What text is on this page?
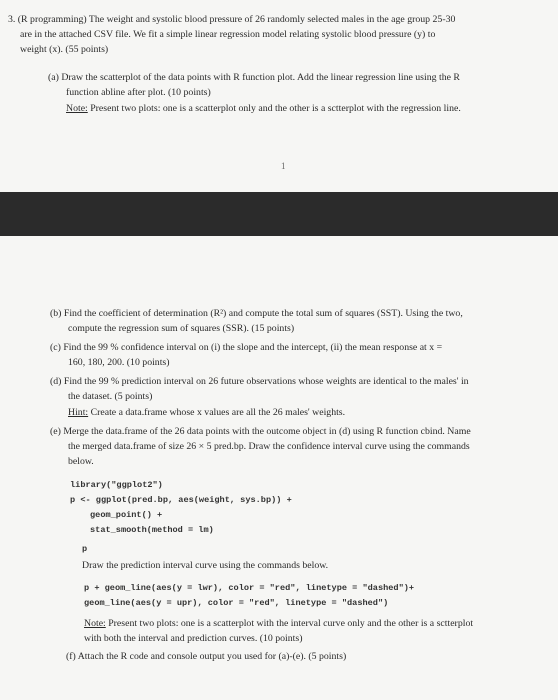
3. (R programming) The weight and systolic blood pressure of 26 randomly selected males in the age group 25-30
are in the attached CSV file. We fit a simple linear regression model relating systolic blood pressure (y) to
weight (x). (55 points)
(a) Draw the scatterplot of the data points with R function plot. Add the linear regression line using the R
function abline after plot. (10 points)
Note: Present two plots: one is a scatterplot only and the other is a sctterplot with the regression line.
1
(b) Find the coefficient of determination (R²) and compute the total sum of squares (SST). Using the two,
compute the regression sum of squares (SSR). (15 points)
(c) Find the 99 % confidence interval on (i) the slope and the intercept, (ii) the mean response at x =
160, 180, 200. (10 points)
(d) Find the 99 % prediction interval on 26 future observations whose weights are identical to the males' in
the dataset. (5 points)
Hint: Create a data.frame whose x values are all the 26 males' weights.
(e) Merge the data.frame of the 26 data points with the outcome object in (d) using R function cbind. Name
the merged data.frame of size 26 × 5 pred.bp. Draw the confidence interval curve using the commands
below.
library("ggplot2")
p <- ggplot(pred.bp, aes(weight, sys.bp)) +
geom_point() +
stat_smooth(method = lm)
p
Draw the prediction interval curve using the commands below.
p + geom_line(aes(y = lwr), color = "red", linetype = "dashed")+
geom_line(aes(y = upr), color = "red", linetype = "dashed")
Note: Present two plots: one is a scatterplot with the interval curve only and the other is a sctterplot
with both the interval and prediction curves. (10 points)
(f) Attach the R code and console output you used for (a)-(e). (5 points)
